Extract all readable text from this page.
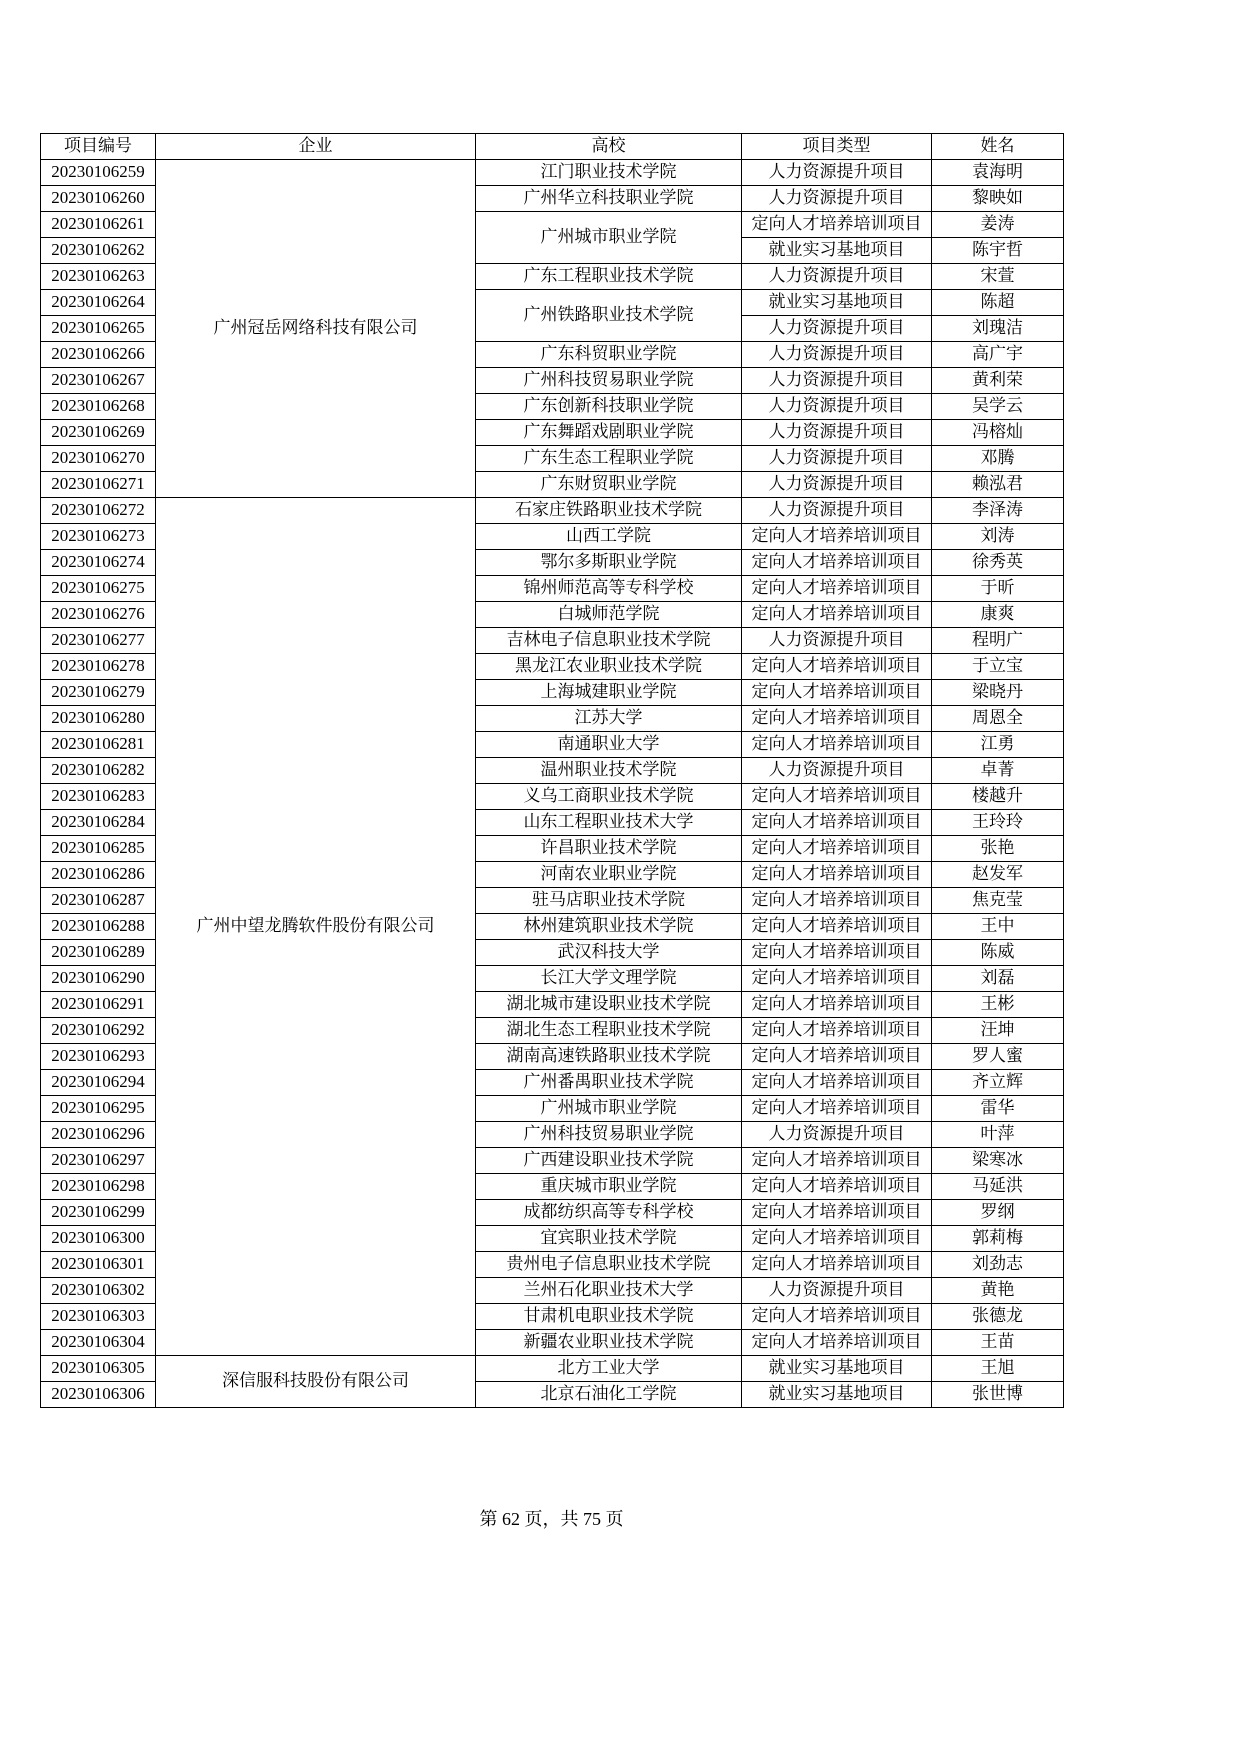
项目编号	企业	高校	项目类型	姓名
20230106259	广州冠岳网络科技有限公司	江门职业技术学院	人力资源提升项目	袁海明
20230106260		广州华立科技职业学院	人力资源提升项目	黎映如
20230106261		广州城市职业学院	定向人才培养培训项目	姜涛
20230106262			就业实习基地项目	陈宇哲
20230106263		广东工程职业技术学院	人力资源提升项目	宋萱
20230106264		广州铁路职业技术学院	就业实习基地项目	陈超
20230106265			人力资源提升项目	刘瑰洁
20230106266		广东科贸职业学院	人力资源提升项目	高广宇
20230106267		广州科技贸易职业学院	人力资源提升项目	黄利荣
20230106268		广东创新科技职业学院	人力资源提升项目	吴学云
20230106269		广东舞蹈戏剧职业学院	人力资源提升项目	冯榕灿
20230106270		广东生态工程职业学院	人力资源提升项目	邓腾
20230106271		广东财贸职业学院	人力资源提升项目	赖泓君
20230106272	广州中望龙腾软件股份有限公司	石家庄铁路职业技术学院	人力资源提升项目	李泽涛
20230106273		山西工学院	定向人才培养培训项目	刘涛
20230106274		鄂尔多斯职业学院	定向人才培养培训项目	徐秀英
20230106275		锦州师范高等专科学校	定向人才培养培训项目	于昕
20230106276		白城师范学院	定向人才培养培训项目	康爽
20230106277		吉林电子信息职业技术学院	人力资源提升项目	程明广
20230106278		黑龙江农业职业技术学院	定向人才培养培训项目	于立宝
20230106279		上海城建职业学院	定向人才培养培训项目	梁晓丹
20230106280		江苏大学	定向人才培养培训项目	周恩全
20230106281		南通职业大学	定向人才培养培训项目	江勇
20230106282		温州职业技术学院	人力资源提升项目	卓菁
20230106283		义乌工商职业技术学院	定向人才培养培训项目	楼越升
20230106284		山东工程职业技术大学	定向人才培养培训项目	王玲玲
20230106285		许昌职业技术学院	定向人才培养培训项目	张艳
20230106286		河南农业职业学院	定向人才培养培训项目	赵发军
20230106287		驻马店职业技术学院	定向人才培养培训项目	焦克莹
20230106288		林州建筑职业技术学院	定向人才培养培训项目	王中
20230106289		武汉科技大学	定向人才培养培训项目	陈威
20230106290		长江大学文理学院	定向人才培养培训项目	刘磊
20230106291		湖北城市建设职业技术学院	定向人才培养培训项目	王彬
20230106292		湖北生态工程职业技术学院	定向人才培养培训项目	汪坤
20230106293		湖南高速铁路职业技术学院	定向人才培养培训项目	罗人蜜
20230106294		广州番禺职业技术学院	定向人才培养培训项目	齐立辉
20230106295		广州城市职业学院	定向人才培养培训项目	雷华
20230106296		广州科技贸易职业学院	人力资源提升项目	叶萍
20230106297		广西建设职业技术学院	定向人才培养培训项目	梁寒冰
20230106298		重庆城市职业学院	定向人才培养培训项目	马延洪
20230106299		成都纺织高等专科学校	定向人才培养培训项目	罗纲
20230106300		宜宾职业技术学院	定向人才培养培训项目	郭莉梅
20230106301		贵州电子信息职业技术学院	定向人才培养培训项目	刘劲志
20230106302		兰州石化职业技术大学	人力资源提升项目	黄艳
20230106303		甘肃机电职业技术学院	定向人才培养培训项目	张德龙
20230106304		新疆农业职业技术学院	定向人才培养培训项目	王苗
20230106305	深信服科技股份有限公司	北方工业大学	就业实习基地项目	王旭
20230106306		北京石油化工学院	就业实习基地项目	张世博
第 62 页，共 75 页
